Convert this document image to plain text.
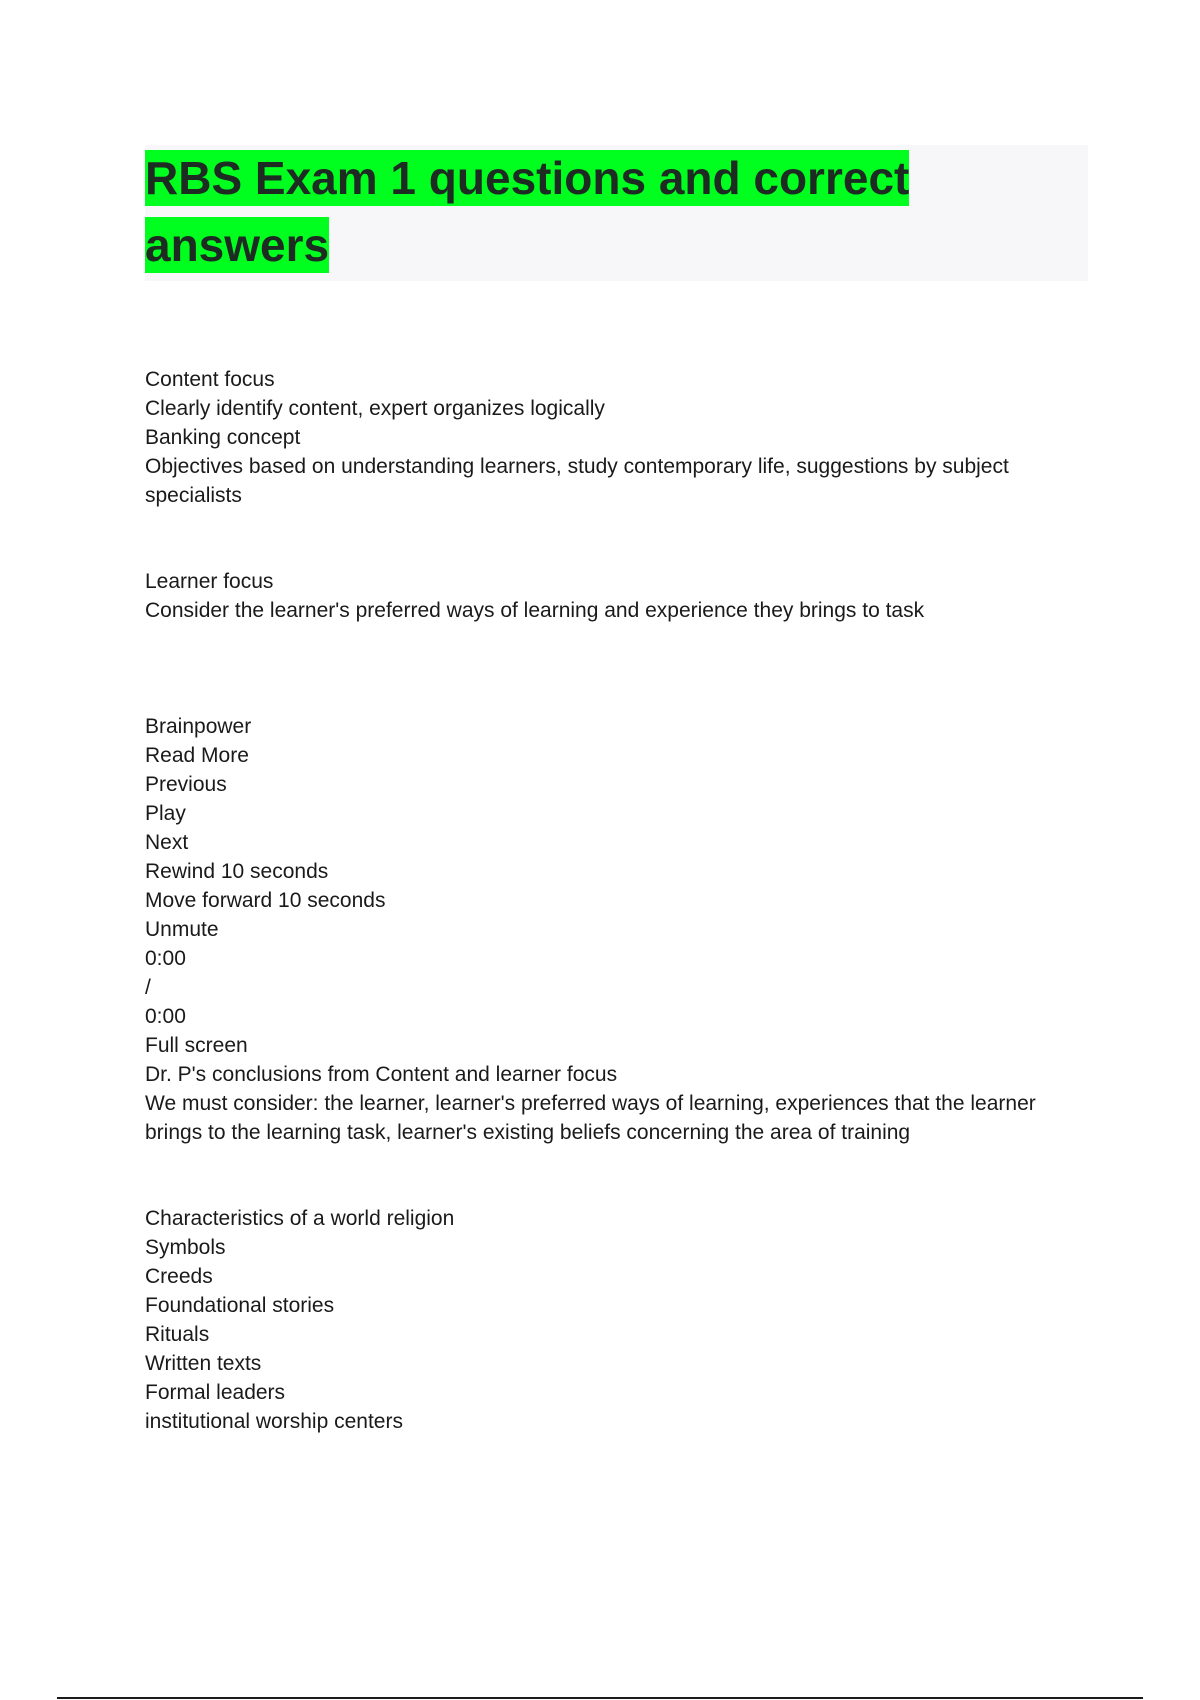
RBS Exam 1 questions and correct answers
Content focus
Clearly identify content, expert organizes logically
Banking concept
Objectives based on understanding learners, study contemporary life, suggestions by subject specialists
Learner focus
Consider the learner's preferred ways of learning and experience they brings to task
Brainpower
Read More
Previous
Play
Next
Rewind 10 seconds
Move forward 10 seconds
Unmute
0:00
/
0:00
Full screen
Dr. P's conclusions from Content and learner focus
We must consider: the learner, learner's preferred ways of learning, experiences that the learner brings to the learning task, learner's existing beliefs concerning the area of training
Characteristics of a world religion
Symbols
Creeds
Foundational stories
Rituals
Written texts
Formal leaders
institutional worship centers
